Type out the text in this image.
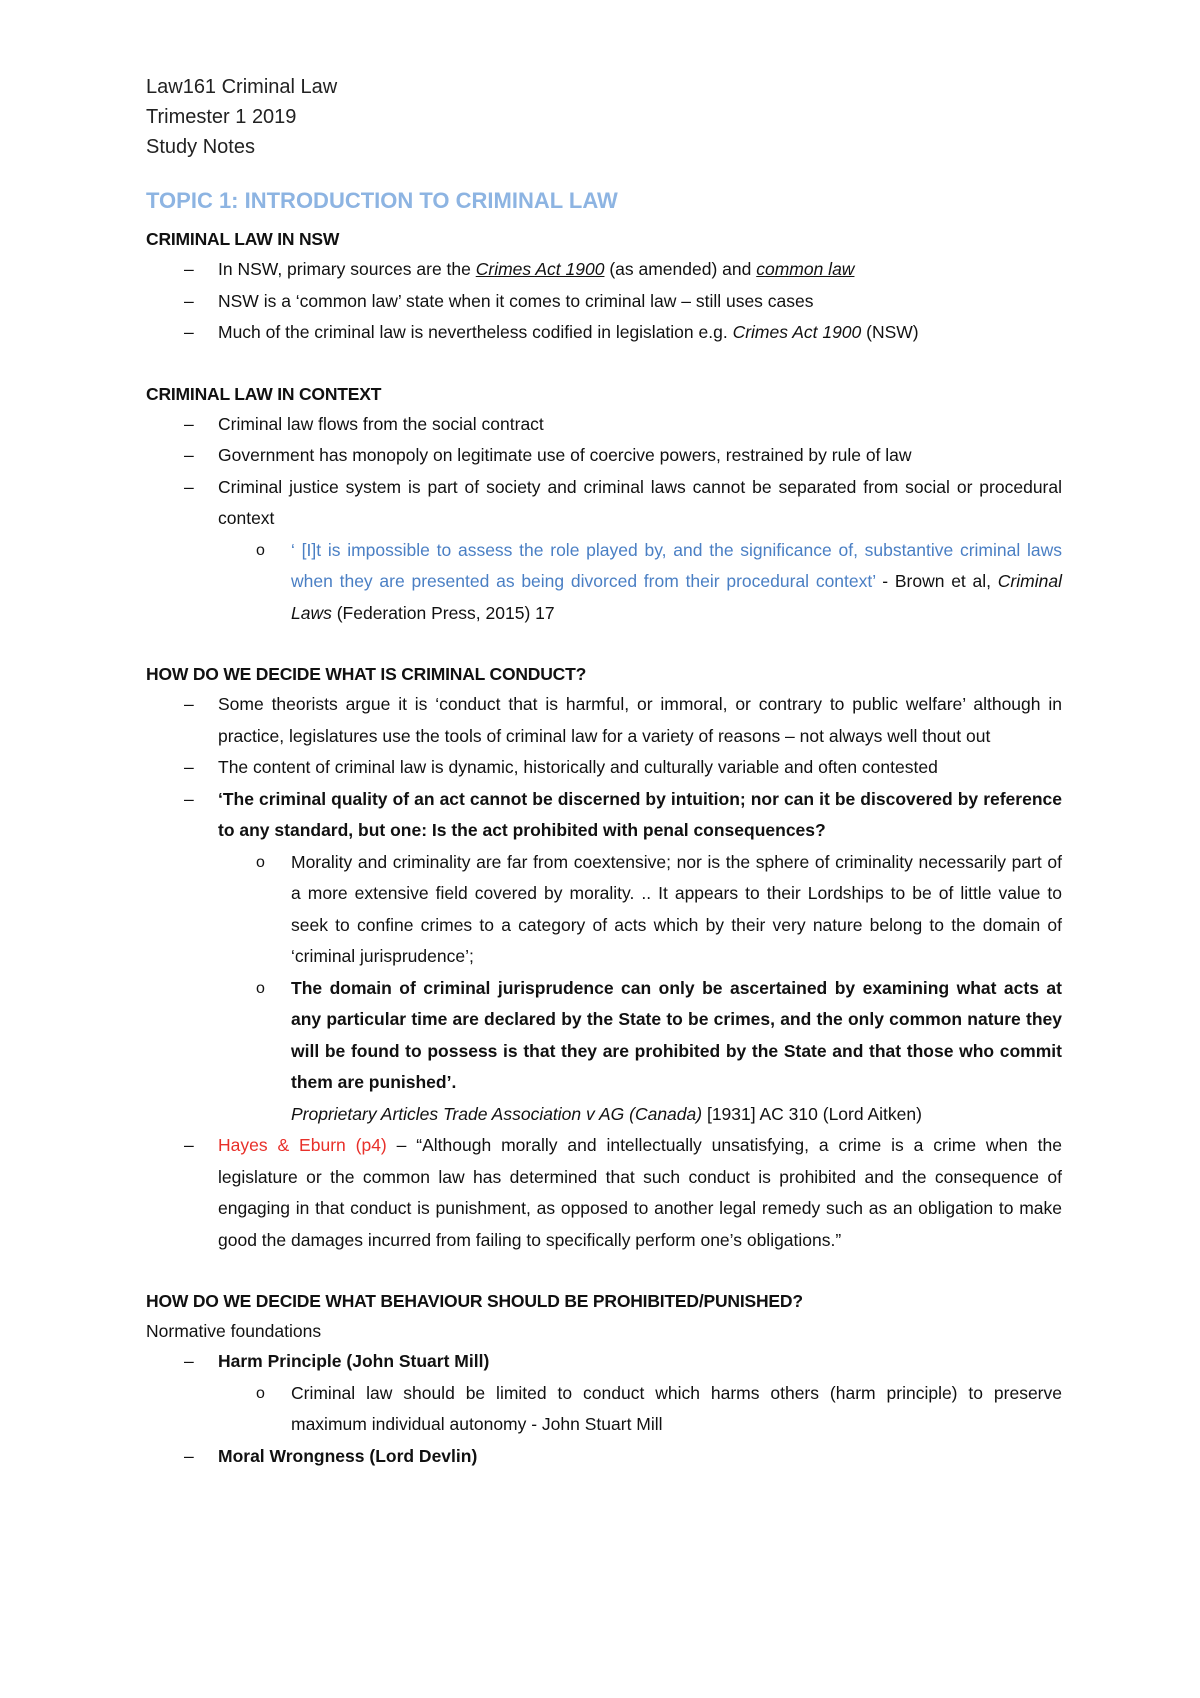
Law161 Criminal Law
Trimester 1 2019
Study Notes
TOPIC 1: INTRODUCTION TO CRIMINAL LAW
CRIMINAL LAW IN NSW
– In NSW, primary sources are the Crimes Act 1900 (as amended) and common law
– NSW is a ‘common law’ state when it comes to criminal law – still uses cases
– Much of the criminal law is nevertheless codified in legislation e.g. Crimes Act 1900 (NSW)
CRIMINAL LAW IN CONTEXT
– Criminal law flows from the social contract
– Government has monopoly on legitimate use of coercive powers, restrained by rule of law
– Criminal justice system is part of society and criminal laws cannot be separated from social or procedural context
o ‘ [I]t is impossible to assess the role played by, and the significance of, substantive criminal laws when they are presented as being divorced from their procedural context’ - Brown et al, Criminal Laws (Federation Press, 2015) 17
HOW DO WE DECIDE WHAT IS CRIMINAL CONDUCT?
– Some theorists argue it is ‘conduct that is harmful, or immoral, or contrary to public welfare’ although in practice, legislatures use the tools of criminal law for a variety of reasons – not always well thout out
– The content of criminal law is dynamic, historically and culturally variable and often contested
– ‘The criminal quality of an act cannot be discerned by intuition; nor can it be discovered by reference to any standard, but one: Is the act prohibited with penal consequences?
o Morality and criminality are far from coextensive; nor is the sphere of criminality necessarily part of a more extensive field covered by morality. .. It appears to their Lordships to be of little value to seek to confine crimes to a category of acts which by their very nature belong to the domain of ‘criminal jurisprudence’;
o The domain of criminal jurisprudence can only be ascertained by examining what acts at any particular time are declared by the State to be crimes, and the only common nature they will be found to possess is that they are prohibited by the State and that those who commit them are punished’.
Proprietary Articles Trade Association v AG (Canada) [1931] AC 310 (Lord Aitken)
– Hayes & Eburn (p4) – “Although morally and intellectually unsatisfying, a crime is a crime when the legislature or the common law has determined that such conduct is prohibited and the consequence of engaging in that conduct is punishment, as opposed to another legal remedy such as an obligation to make good the damages incurred from failing to specifically perform one’s obligations.”
HOW DO WE DECIDE WHAT BEHAVIOUR SHOULD BE PROHIBITED/PUNISHED?
Normative foundations
– Harm Principle (John Stuart Mill)
o Criminal law should be limited to conduct which harms others (harm principle) to preserve maximum individual autonomy - John Stuart Mill
– Moral Wrongness (Lord Devlin)
